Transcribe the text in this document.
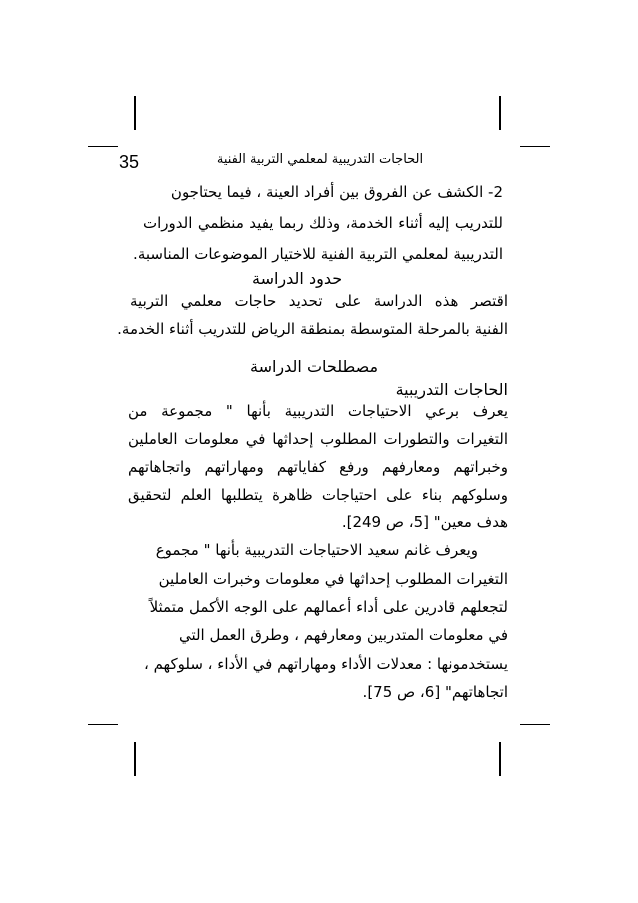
35	الحاجات التدريبية لمعلمي التربية الفنية
2- الكشف عن الفروق بين أفراد العينة ، فيما يحتاجون
للتدريب إليه أثناء الخدمة، وذلك ربما يفيد منظمي الدورات
التدريبية لمعلمي التربية الفنية للاختيار الموضوعات المناسبة.
حدود الدراسة
اقتصر هذه الدراسة على تحديد حاجات معلمي التربية
الفنية بالمرحلة المتوسطة بمنطقة الرياض للتدريب أثناء الخدمة.
مصطلحات الدراسة
الحاجات التدريبية
يعرف برعي الاحتياجات التدريبية بأنها " مجموعة من
التغيرات والتطورات المطلوب إحداثها في معلومات العاملين
وخبراتهم ومعارفهم ورفع كفاياتهم ومهاراتهم واتجاهاتهم
وسلوكهم بناء على احتياجات ظاهرة يتطلبها العلم لتحقيق
هدف معين" [5، ص 249].
ويعرف غانم سعيد الاحتياجات التدريبية بأنها " مجموع
التغيرات المطلوب إحداثها في معلومات وخبرات العاملين
لتجعلهم قادرين على أداء أعمالهم على الوجه الأكمل متمثلاً
في معلومات المتدربين ومعارفهم ، وطرق العمل التي
يستخدمونها : معدلات الأداء ومهاراتهم في الأداء ، سلوكهم ،
اتجاهاتهم" [6، ص 75].
